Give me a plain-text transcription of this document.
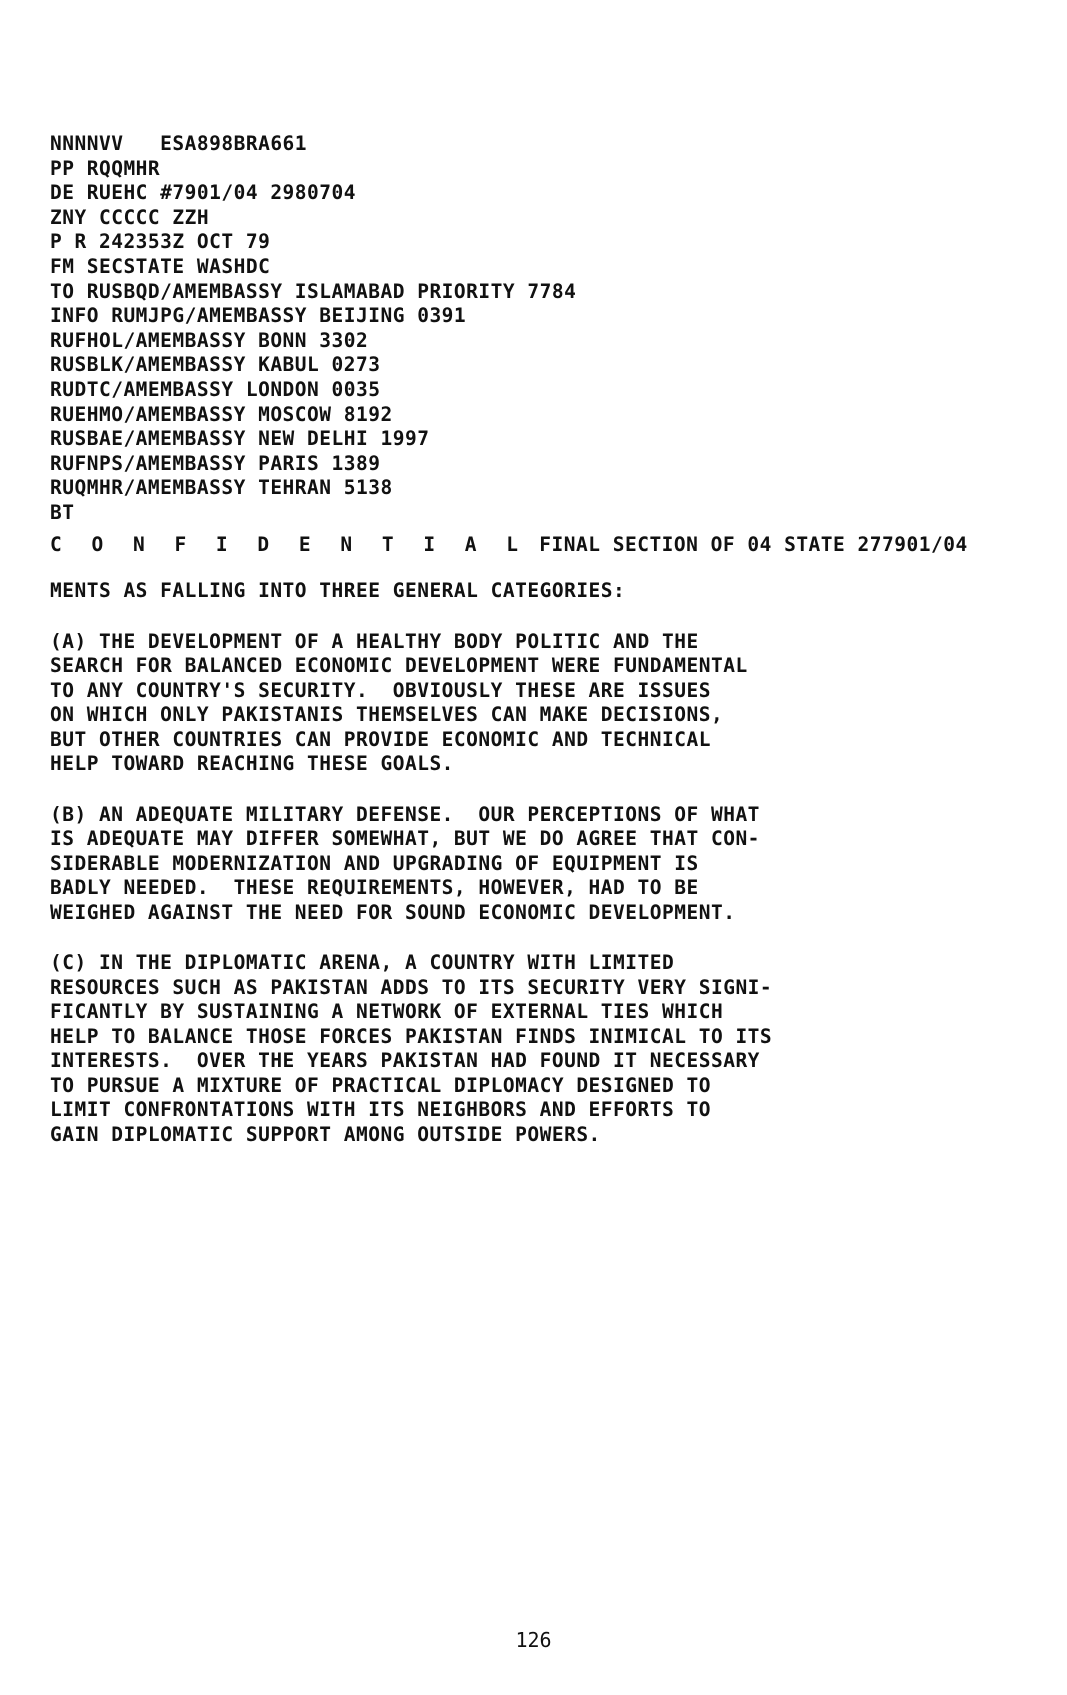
NNNNVV   ESA898BRA661
PP RQQMHR
DE RUEHC #7901/04 2980704
ZNY CCCCC ZZH
P R 242353Z OCT 79
FM SECSTATE WASHDC
TO RUSBQD/AMEMBASSY ISLAMABAD PRIORITY 7784
INFO RUMJPG/AMEMBASSY BEIJING 0391
RUFHOL/AMEMBASSY BONN 3302
RUSBLK/AMEMBASSY KABUL 0273
RUDTC/AMEMBASSY LONDON 0035
RUEHMO/AMEMBASSY MOSCOW 8192
RUSBAE/AMEMBASSY NEW DELHI 1997
RUFNPS/AMEMBASSY PARIS 1389
RUQMHR/AMEMBASSY TEHRAN 5138
BT
C O N F I D E N T I A L FINAL SECTION OF 04 STATE 277901/04
MENTS AS FALLING INTO THREE GENERAL CATEGORIES:
(A) THE DEVELOPMENT OF A HEALTHY BODY POLITIC AND THE
SEARCH FOR BALANCED ECONOMIC DEVELOPMENT WERE FUNDAMENTAL
TO ANY COUNTRY'S SECURITY.  OBVIOUSLY THESE ARE ISSUES
ON WHICH ONLY PAKISTANIS THEMSELVES CAN MAKE DECISIONS,
BUT OTHER COUNTRIES CAN PROVIDE ECONOMIC AND TECHNICAL
HELP TOWARD REACHING THESE GOALS.
(B) AN ADEQUATE MILITARY DEFENSE.  OUR PERCEPTIONS OF WHAT
IS ADEQUATE MAY DIFFER SOMEWHAT, BUT WE DO AGREE THAT CON-
SIDERABLE MODERNIZATION AND UPGRADING OF EQUIPMENT IS
BADLY NEEDED.  THESE REQUIREMENTS, HOWEVER, HAD TO BE
WEIGHED AGAINST THE NEED FOR SOUND ECONOMIC DEVELOPMENT.
(C) IN THE DIPLOMATIC ARENA, A COUNTRY WITH LIMITED
RESOURCES SUCH AS PAKISTAN ADDS TO ITS SECURITY VERY SIGNI-
FICANTLY BY SUSTAINING A NETWORK OF EXTERNAL TIES WHICH
HELP TO BALANCE THOSE FORCES PAKISTAN FINDS INIMICAL TO ITS
INTERESTS.  OVER THE YEARS PAKISTAN HAD FOUND IT NECESSARY
TO PURSUE A MIXTURE OF PRACTICAL DIPLOMACY DESIGNED TO
LIMIT CONFRONTATIONS WITH ITS NEIGHBORS AND EFFORTS TO
GAIN DIPLOMATIC SUPPORT AMONG OUTSIDE POWERS.
126
